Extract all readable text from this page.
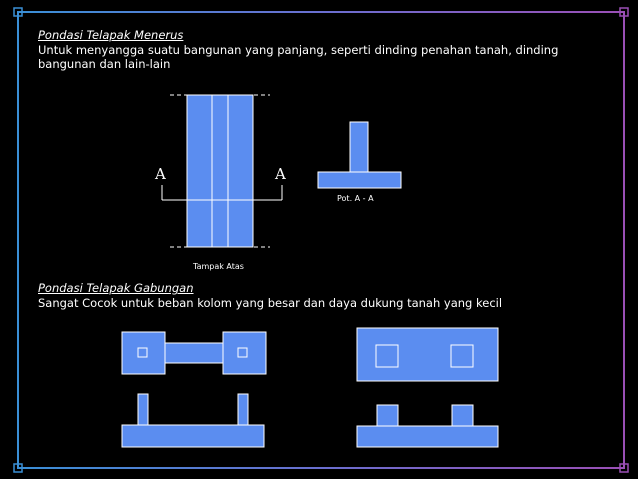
Pondasi Telapak Menerus
Untuk menyangga suatu bangunan yang panjang, seperti dinding penahan tanah, dinding bangunan dan lain-lain
A	A
Tampak Atas
Pot. A - A
Pondasi Telapak Gabungan
Sangat Cocok untuk beban kolom yang besar dan daya dukung tanah yang kecil
